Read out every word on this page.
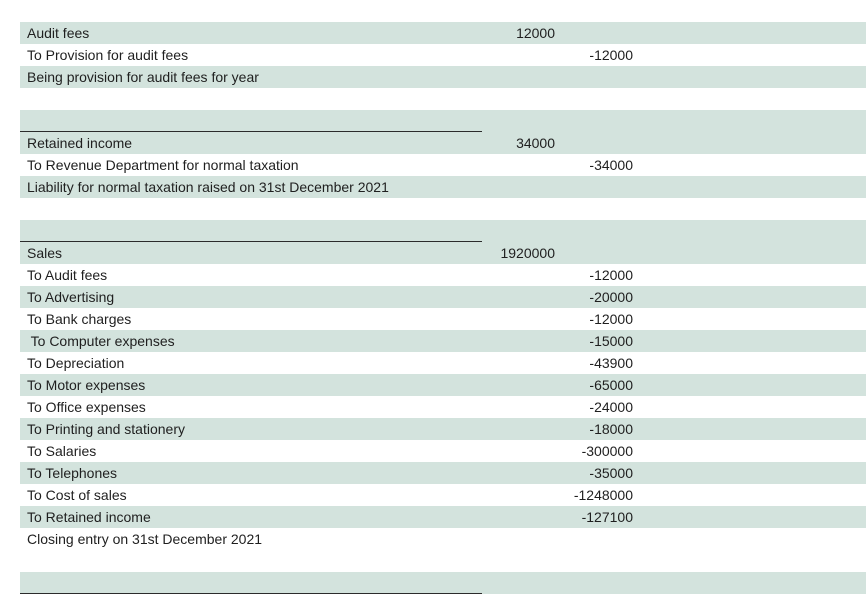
Audit fees	12000
To Provision for audit fees	-12000
Being provision for audit fees for year
Retained income	34000
To Revenue Department for normal taxation	-34000
Liability for normal taxation raised on 31st December 2021
Sales	1920000
To Audit fees	-12000
To Advertising	-20000
To Bank charges	-12000
To Computer expenses	-15000
To Depreciation	-43900
To Motor expenses	-65000
To Office expenses	-24000
To Printing and stationery	-18000
To Salaries	-300000
To Telephones	-35000
To Cost of sales	-1248000
To Retained income	-127100
Closing entry on 31st December 2021
